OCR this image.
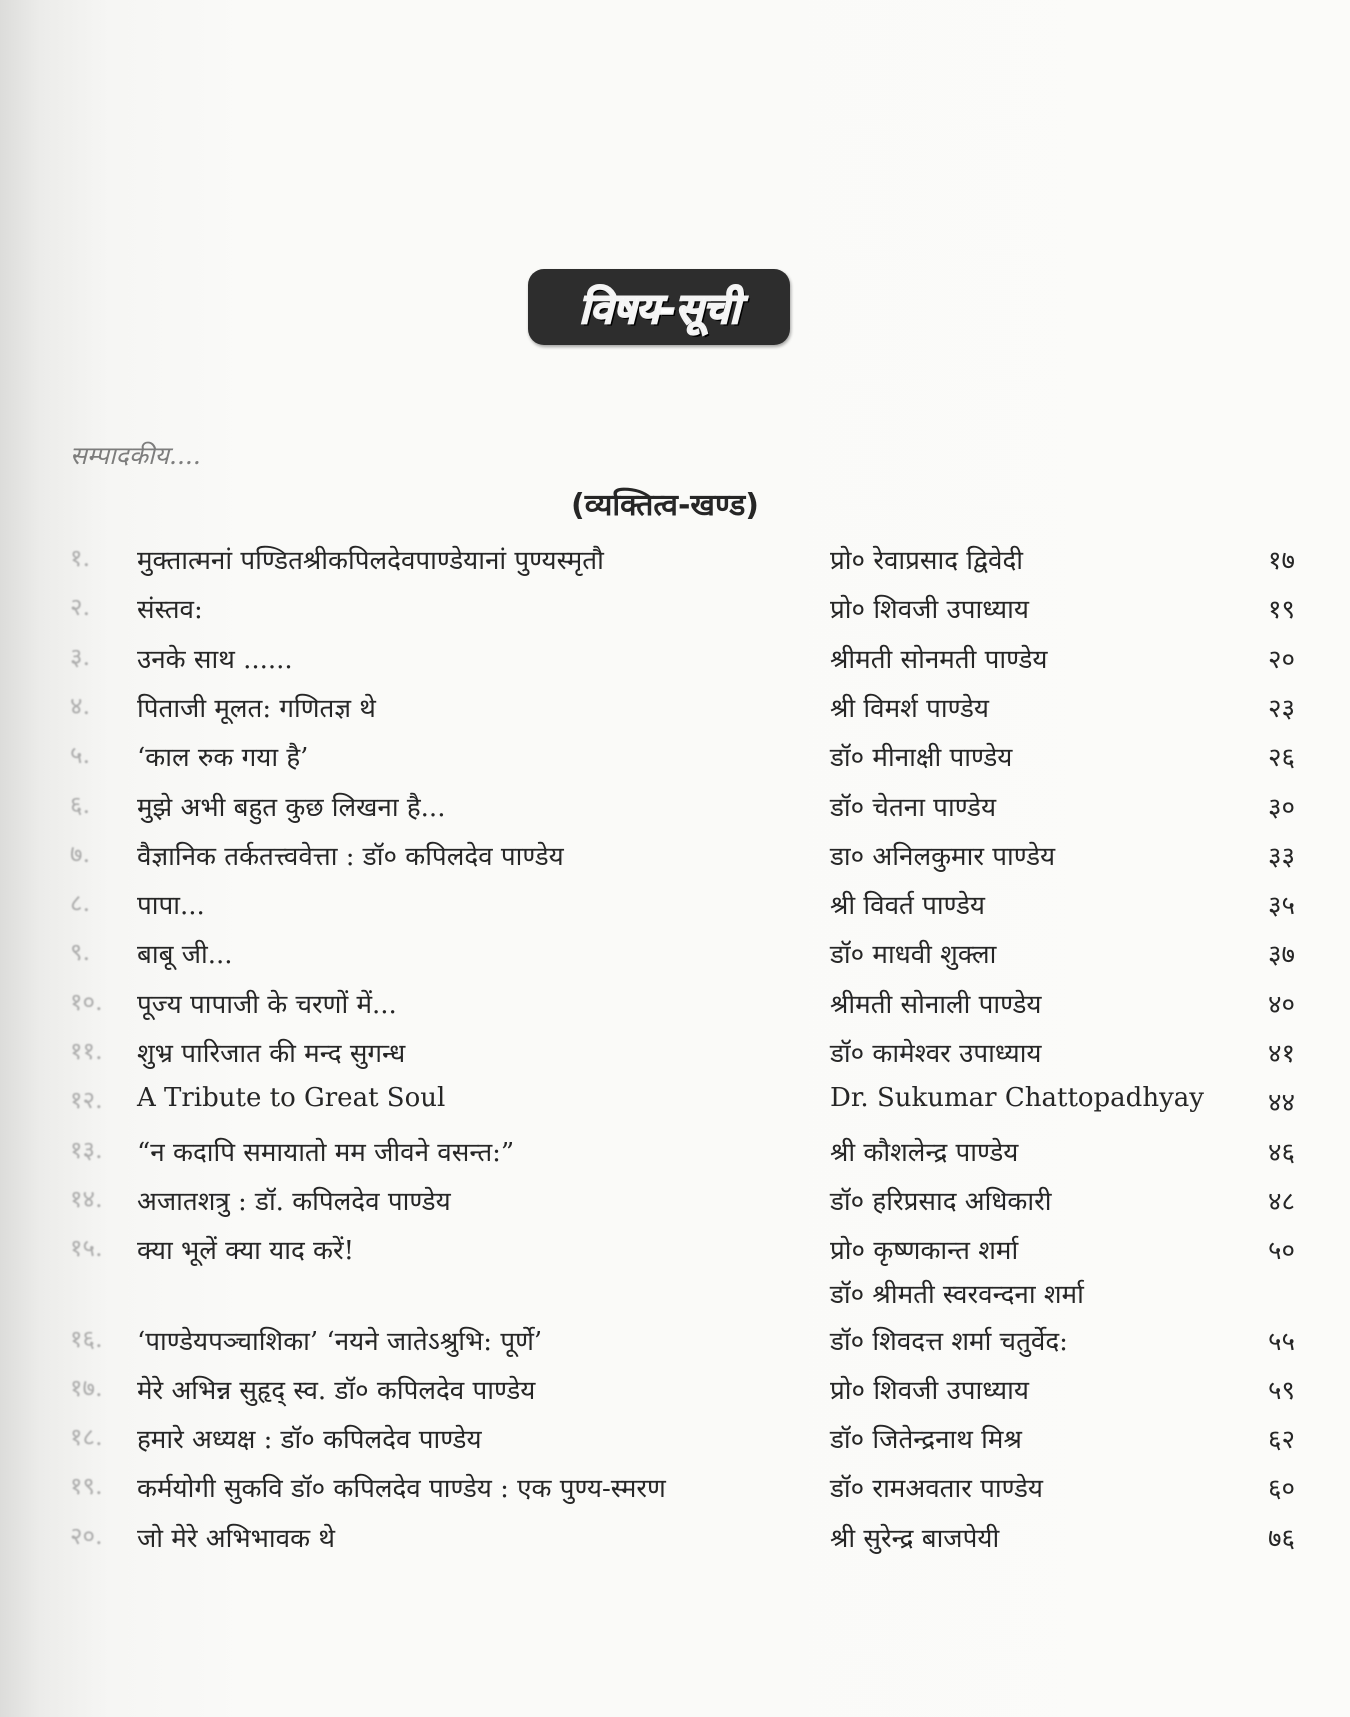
विषय-सूची
सम्पादकीय....
(व्यक्तित्व-खण्ड)
१.	मुक्तात्मनां पण्डितश्रीकपिलदेवपाण्डेयानां पुण्यस्मृतौ	प्रो० रेवाप्रसाद द्विवेदी	१७
२.	संस्तव:	प्रो० शिवजी उपाध्याय	१९
३.	उनके साथ ......	श्रीमती सोनमती पाण्डेय	२०
४.	पिताजी मूलत: गणितज्ञ थे	श्री विमर्श पाण्डेय	२३
५.	‘काल रुक गया है’	डॉ० मीनाक्षी पाण्डेय	२६
६.	मुझे अभी बहुत कुछ लिखना है...	डॉ० चेतना पाण्डेय	३०
७.	वैज्ञानिक तर्कतत्त्ववेत्ता : डॉ० कपिलदेव पाण्डेय	डा० अनिलकुमार पाण्डेय	३३
८.	पापा...	श्री विवर्त पाण्डेय	३५
९.	बाबू जी...	डॉ० माधवी शुक्ला	३७
१०.	पूज्य पापाजी के चरणों में...	श्रीमती सोनाली पाण्डेय	४०
११.	शुभ्र पारिजात की मन्द सुगन्ध	डॉ० कामेश्वर उपाध्याय	४१
१२.	A Tribute to Great Soul	Dr. Sukumar Chattopadhyay	४४
१३.	“न कदापि समायातो मम जीवने वसन्त:”	श्री कौशलेन्द्र पाण्डेय	४६
१४.	अजातशत्रु : डॉ. कपिलदेव पाण्डेय	डॉ० हरिप्रसाद अधिकारी	४८
१५.	क्या भूलें क्या याद करें!	प्रो० कृष्णकान्त शर्मा	५०
डॉ० श्रीमती स्वरवन्दना शर्मा
१६.	‘पाण्डेयपञ्चाशिका’ ‘नयने जातेऽश्रुभि: पूर्णे’	डॉ० शिवदत्त शर्मा चतुर्वेद:	५५
१७.	मेरे अभिन्न सुहृद् स्व. डॉ० कपिलदेव पाण्डेय	प्रो० शिवजी उपाध्याय	५९
१८.	हमारे अध्यक्ष : डॉ० कपिलदेव पाण्डेय	डॉ० जितेन्द्रनाथ मिश्र	६२
१९.	कर्मयोगी सुकवि डॉ० कपिलदेव पाण्डेय : एक पुण्य-स्मरण	डॉ० रामअवतार पाण्डेय	६०
२०.	जो मेरे अभिभावक थे	श्री सुरेन्द्र बाजपेयी	७६
